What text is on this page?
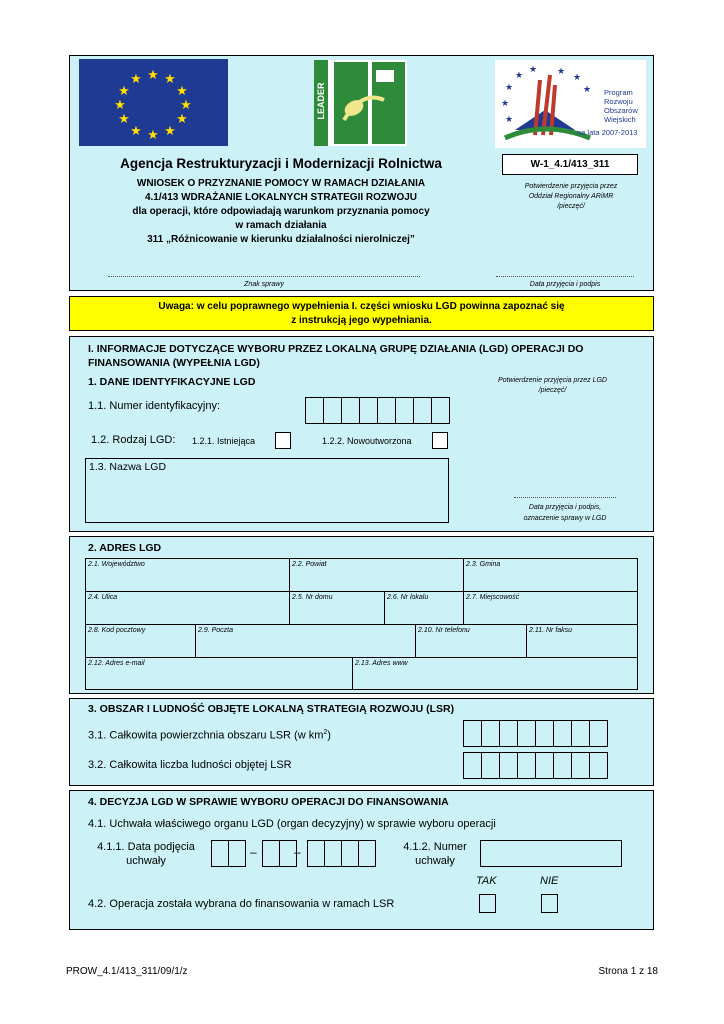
★ ★
★
★
★
★
★
★
★
★
★
★
LEADER	★
★
★
★
★
★
★
★ Program
Rozwoju
Obszarów
Wiejskich
na lata 2007-2013
Agencja Restrukturyzacji i Modernizacji Rolnictwa
WNIOSEK O PRZYZNANIE POMOCY W RAMACH DZIAŁANIA
4.1/413 WDRAŻANIE LOKALNYCH STRATEGII ROZWOJU
dla operacji, które odpowiadają warunkom przyznania pomocy
w ramach działania
311 „Różnicowanie w kierunku działalności nierolniczej”
W-1_4.1/413_311
Potwierdzenie przyjęcia przez
Oddział Regionalny ARiMR
/pieczęć/
Znak sprawy	Data przyjęcia i podpis
Uwaga: w celu poprawnego wypełnienia I. części wniosku LGD powinna zapoznać się
z instrukcją jego wypełniania.
I. INFORMACJE DOTYCZĄCE WYBORU PRZEZ LOKALNĄ GRUPĘ DZIAŁANIA (LGD) OPERACJI DO
FINANSOWANIA (WYPEŁNIA LGD)
1. DANE IDENTYFIKACYJNE LGD	Potwierdzenie przyjęcia przez LGD
/pieczęć/
1.1. Numer identyfikacyjny:
1.2. Rodzaj LGD: 1.2.1. Istniejąca	1.2.2. Nowoutworzona
1.3. Nazwa LGD
Data przyjęcia i podpis,
oznaczenie sprawy w LGD
2. ADRES LGD
2.1. Województwo	2.2. Powiat	2.3. Gmina
2.4. Ulica	2.5. Nr domu	2.6. Nr lokalu	2.7. Miejscowość
2.8. Kod pocztowy	2.9. Poczta	2.10. Nr telefonu	2.11. Nr faksu
2.12. Adres e-mail	2.13. Adres www
3. OBSZAR I LUDNOŚĆ OBJĘTE LOKALNĄ STRATEGIĄ ROZWOJU (LSR)
3.1. Całkowita powierzchnia obszaru LSR (w $km^2$)
3.2. Całkowita liczba ludności objętej LSR
4. DECYZJA LGD W SPRAWIE WYBORU OPERACJI DO FINANSOWANIA
4.1. Uchwała właściwego organu LGD (organ decyzyjny) w sprawie wyboru operacji
4.1.1. Data podjęcia
uchwały
–	–	4.1.2. Numer
uchwały
TAK	NIE
4.2. Operacja została wybrana do finansowania w ramach LSR
PROW_4.1/413_311/09/1/z	Strona 1 z 18
